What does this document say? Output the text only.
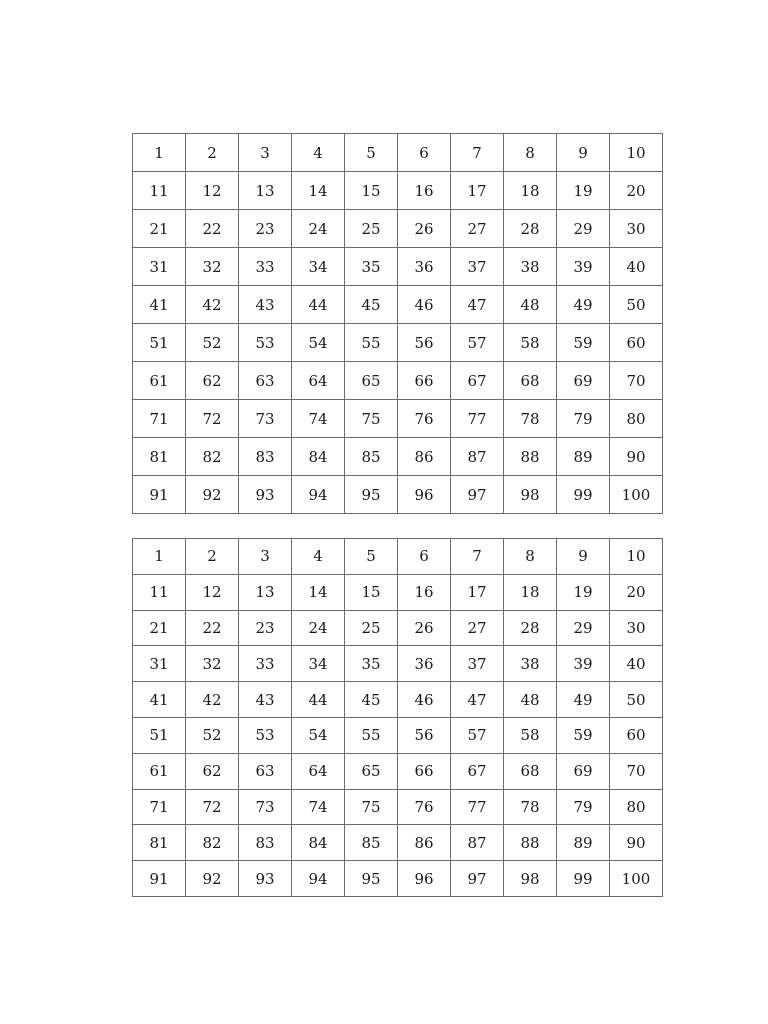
1	2	3	4	5	6	7	8	9	10
11	12	13	14	15	16	17	18	19	20
21	22	23	24	25	26	27	28	29	30
31	32	33	34	35	36	37	38	39	40
41	42	43	44	45	46	47	48	49	50
51	52	53	54	55	56	57	58	59	60
61	62	63	64	65	66	67	68	69	70
71	72	73	74	75	76	77	78	79	80
81	82	83	84	85	86	87	88	89	90
91	92	93	94	95	96	97	98	99	100
1	2	3	4	5	6	7	8	9	10
11	12	13	14	15	16	17	18	19	20
21	22	23	24	25	26	27	28	29	30
31	32	33	34	35	36	37	38	39	40
41	42	43	44	45	46	47	48	49	50
51	52	53	54	55	56	57	58	59	60
61	62	63	64	65	66	67	68	69	70
71	72	73	74	75	76	77	78	79	80
81	82	83	84	85	86	87	88	89	90
91	92	93	94	95	96	97	98	99	100
